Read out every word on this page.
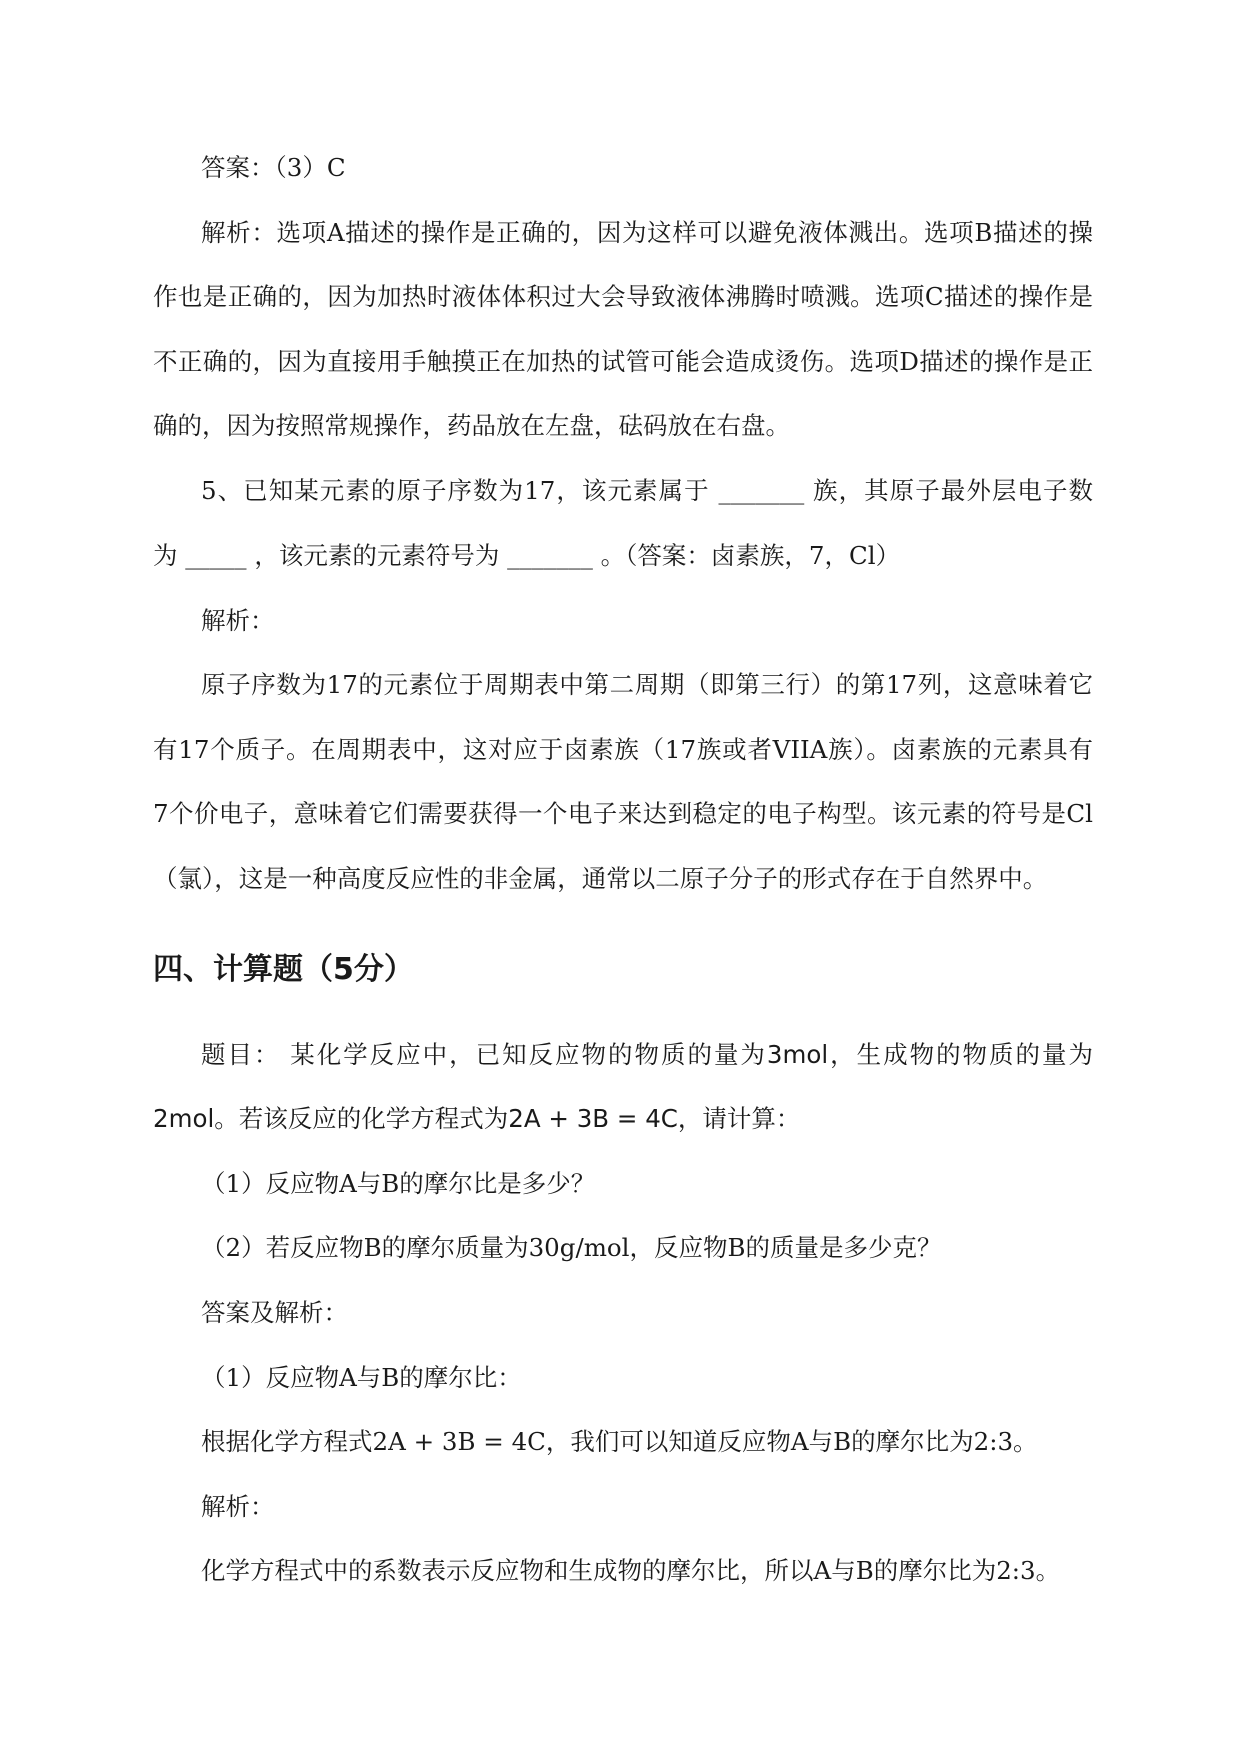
答案：（3）C
解析：选项A描述的操作是正确的，因为这样可以避免液体溅出。选项B描述的操
作也是正确的，因为加热时液体体积过大会导致液体沸腾时喷溅。选项C描述的操作是
不正确的，因为直接用手触摸正在加热的试管可能会造成烫伤。选项D描述的操作是正
确的，因为按照常规操作，药品放在左盘，砝码放在右盘。
5、已知某元素的原子序数为17，该元素属于 _______ 族，其原子最外层电子数
为 _____ ，该元素的元素符号为 _______ 。（答案：卤素族，7，Cl）
解析：
原子序数为17的元素位于周期表中第二周期（即第三行）的第17列，这意味着它
有17个质子。在周期表中，这对应于卤素族（17族或者VIIA族）。卤素族的元素具有
7个价电子，意味着它们需要获得一个电子来达到稳定的电子构型。该元素的符号是Cl
（氯），这是一种高度反应性的非金属，通常以二原子分子的形式存在于自然界中。
四、计算题（5分）
题目： 某化学反应中，已知反应物的物质的量为3mol，生成物的物质的量为
2mol。若该反应的化学方程式为2A + 3B = 4C，请计算：
（1）反应物A与B的摩尔比是多少？
（2）若反应物B的摩尔质量为30g/mol，反应物B的质量是多少克？
答案及解析：
（1）反应物A与B的摩尔比：
根据化学方程式2A + 3B = 4C，我们可以知道反应物A与B的摩尔比为2:3。
解析：
化学方程式中的系数表示反应物和生成物的摩尔比，所以A与B的摩尔比为2:3。
